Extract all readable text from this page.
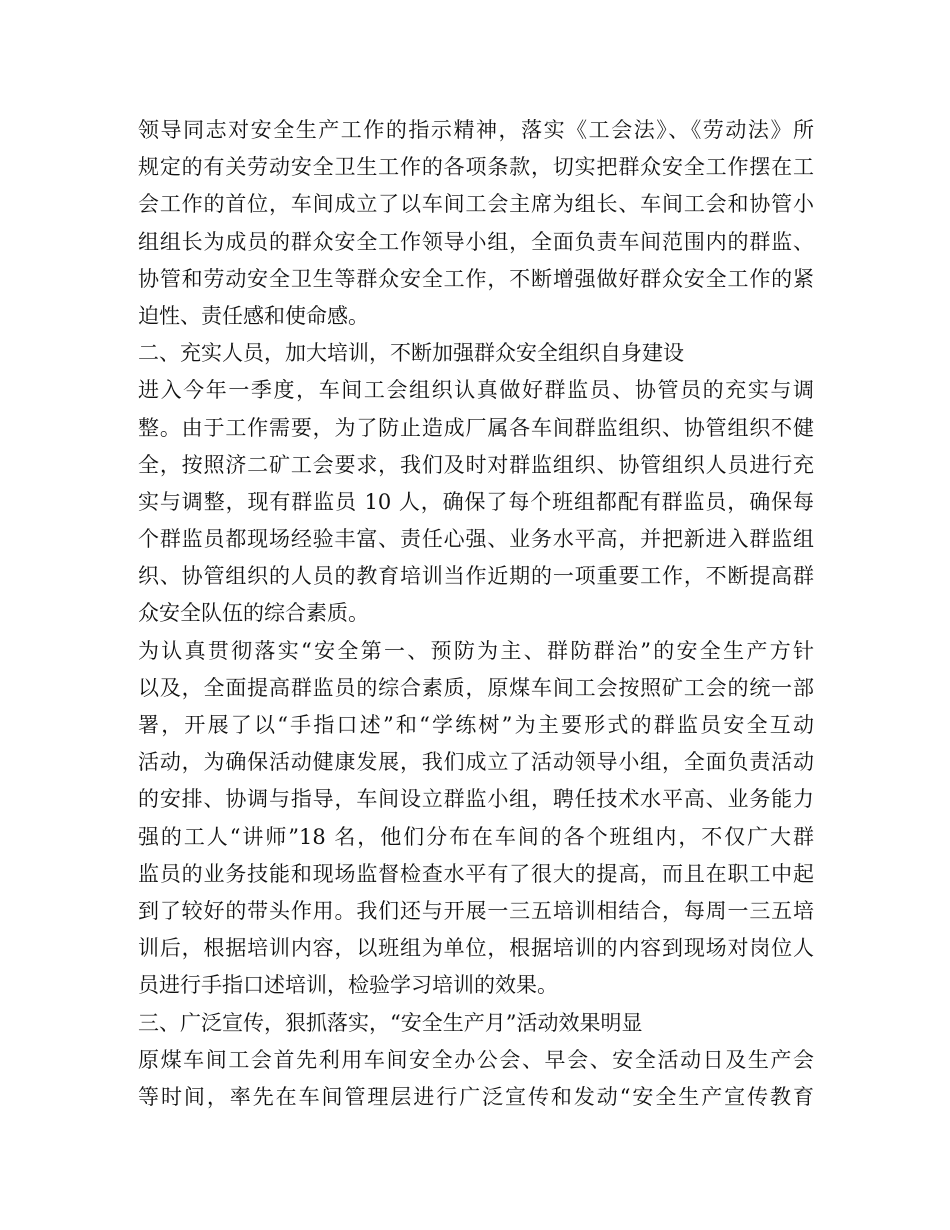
领导同志对安全生产工作的指示精神，落实《工会法》、《劳动法》所
规定的有关劳动安全卫生工作的各项条款，切实把群众安全工作摆在工
会工作的首位，车间成立了以车间工会主席为组长、车间工会和协管小
组组长为成员的群众安全工作领导小组，全面负责车间范围内的群监、
协管和劳动安全卫生等群众安全工作，不断增强做好群众安全工作的紧
迫性、责任感和使命感。
二、充实人员，加大培训，不断加强群众安全组织自身建设
进入今年一季度，车间工会组织认真做好群监员、协管员的充实与调
整。由于工作需要，为了防止造成厂属各车间群监组织、协管组织不健
全，按照济二矿工会要求，我们及时对群监组织、协管组织人员进行充
实与调整，现有群监员 10 人，确保了每个班组都配有群监员，确保每
个群监员都现场经验丰富、责任心强、业务水平高，并把新进入群监组
织、协管组织的人员的教育培训当作近期的一项重要工作，不断提高群
众安全队伍的综合素质。
为认真贯彻落实“安全第一、预防为主、群防群治”的安全生产方针
以及，全面提高群监员的综合素质，原煤车间工会按照矿工会的统一部
署，开展了以“手指口述”和“学练树”为主要形式的群监员安全互动
活动，为确保活动健康发展，我们成立了活动领导小组，全面负责活动
的安排、协调与指导，车间设立群监小组，聘任技术水平高、业务能力
强的工人“讲师”18 名，他们分布在车间的各个班组内，不仅广大群
监员的业务技能和现场监督检查水平有了很大的提高，而且在职工中起
到了较好的带头作用。我们还与开展一三五培训相结合，每周一三五培
训后，根据培训内容，以班组为单位，根据培训的内容到现场对岗位人
员进行手指口述培训，检验学习培训的效果。
三、广泛宣传，狠抓落实，“安全生产月”活动效果明显
原煤车间工会首先利用车间安全办公会、早会、安全活动日及生产会
等时间，率先在车间管理层进行广泛宣传和发动“安全生产宣传教育
